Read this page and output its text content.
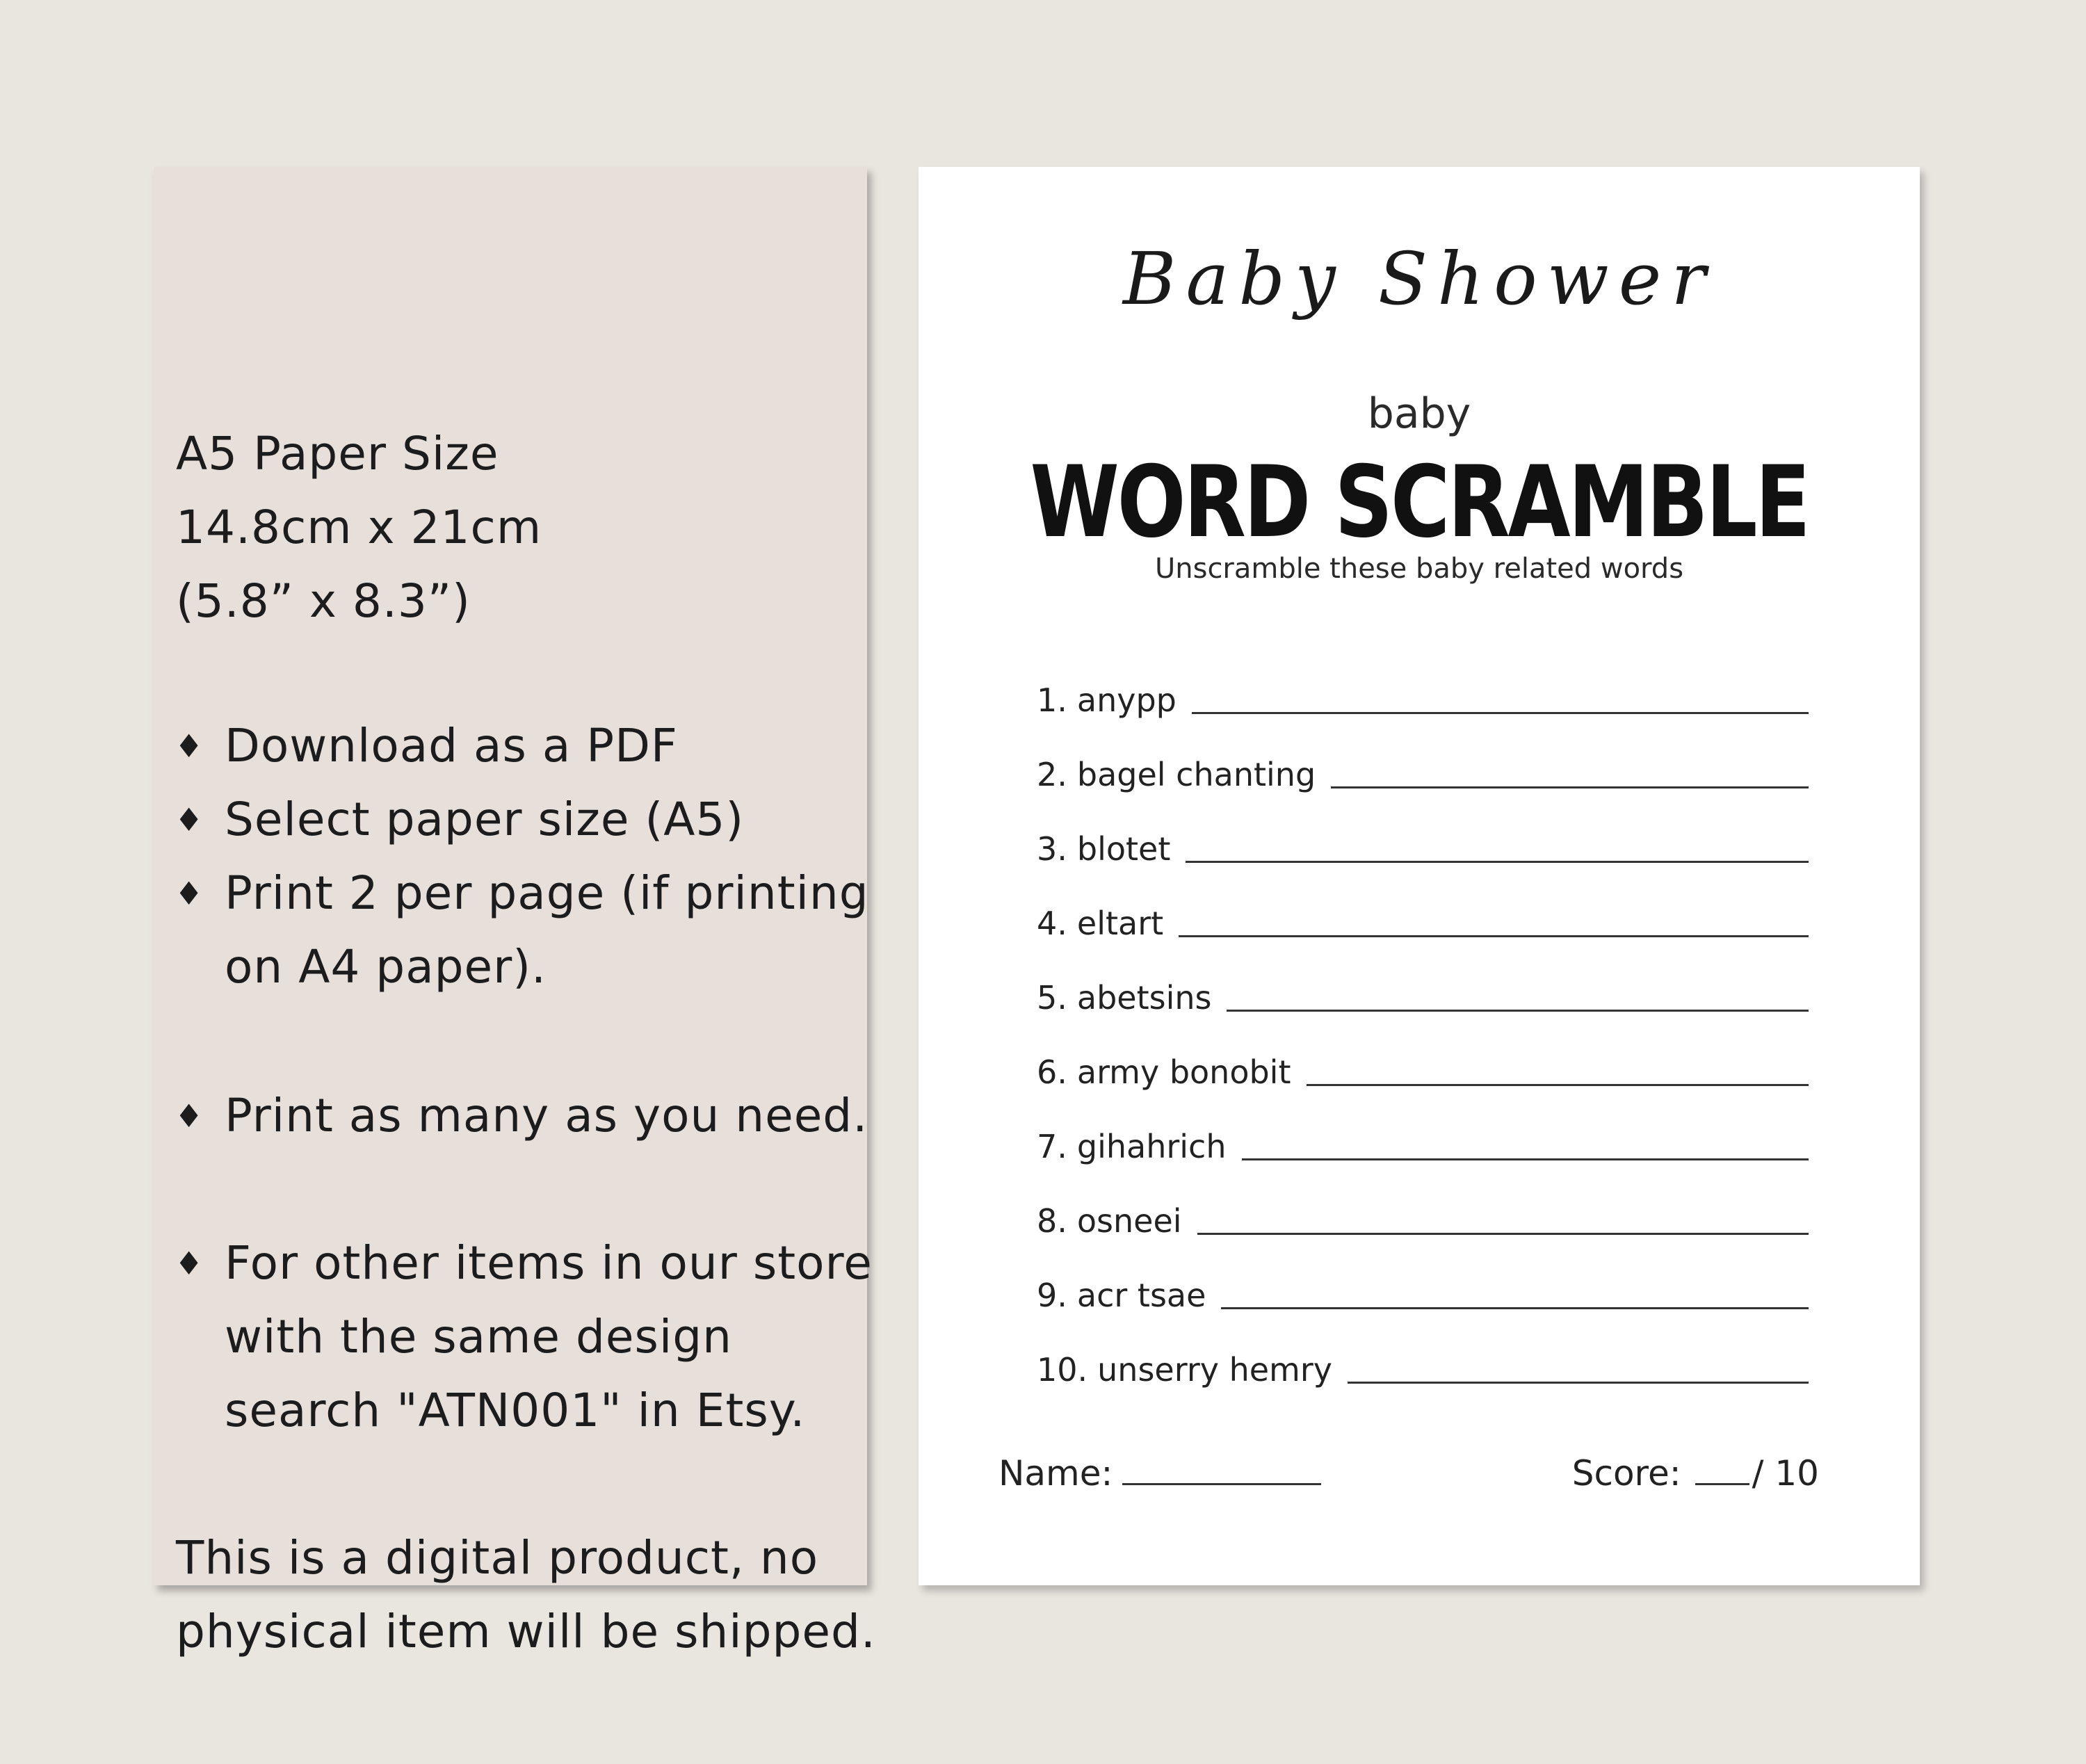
A5 Paper Size
14.8cm x 21cm
(5.8” x 8.3”)
♦ Download as a PDF
♦ Select paper size (A5)
♦ Print 2 per page (if printing
on A4 paper).
♦ Print as many as you need.
♦ For other items in our store
with the same design
search "ATN001" in Etsy.
This is a digital product, no
physical item will be shipped.
Baby Shower
baby
WORD SCRAMBLE
Unscramble these baby related words
1. anypp
2. bagel chanting
3. blotet
4. eltart
5. abetsins
6. army bonobit
7. gihahrich
8. osneei
9. acr tsae
10. unserry hemry
Name:	Score: / 10
